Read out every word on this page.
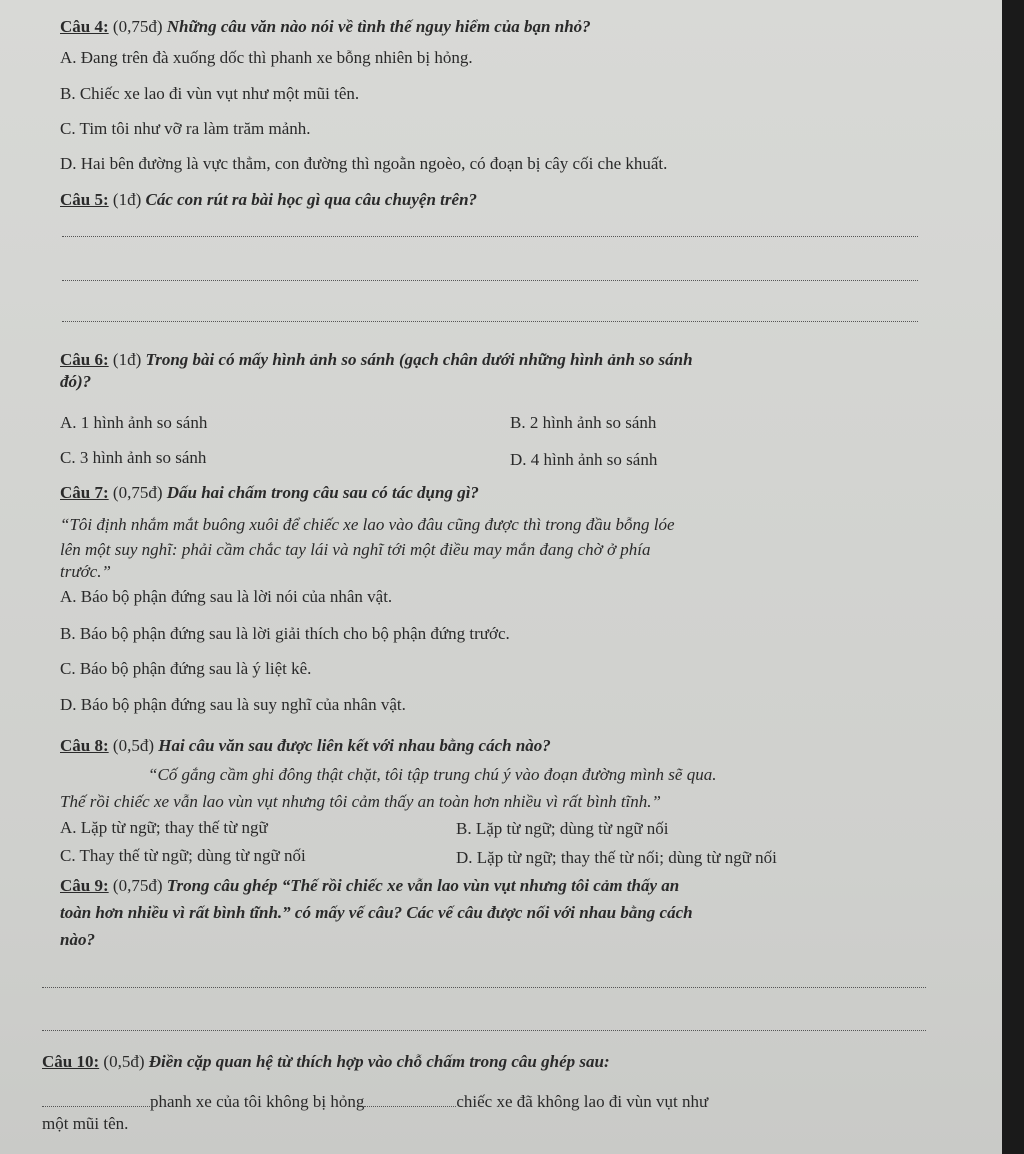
Câu 4: (0,75đ) Những câu văn nào nói về tình thế nguy hiểm của bạn nhỏ?
A. Đang trên đà xuống dốc thì phanh xe bỗng nhiên bị hỏng.
B. Chiếc xe lao đi vùn vụt như một mũi tên.
C. Tim tôi như vỡ ra làm trăm mảnh.
D. Hai bên đường là vực thẳm, con đường thì ngoằn ngoèo, có đoạn bị cây cối che khuất.
Câu 5: (1đ) Các con rút ra bài học gì qua câu chuyện trên?
Câu 6: (1đ) Trong bài có mấy hình ảnh so sánh (gạch chân dưới những hình ảnh so sánh
đó)?
A. 1 hình ảnh so sánh	B. 2 hình ảnh so sánh
C. 3 hình ảnh so sánh	D. 4 hình ảnh so sánh
Câu 7: (0,75đ) Dấu hai chấm trong câu sau có tác dụng gì?
“Tôi định nhắm mắt buông xuôi để chiếc xe lao vào đâu cũng được thì trong đầu bỗng lóe
lên một suy nghĩ: phải cầm chắc tay lái và nghĩ tới một điều may mắn đang chờ ở phía
trước.”
A. Báo bộ phận đứng sau là lời nói của nhân vật.
B. Báo bộ phận đứng sau là lời giải thích cho bộ phận đứng trước.
C. Báo bộ phận đứng sau là ý liệt kê.
D. Báo bộ phận đứng sau là suy nghĩ của nhân vật.
Câu 8: (0,5đ) Hai câu văn sau được liên kết với nhau bằng cách nào?
“Cố gắng cầm ghi đông thật chặt, tôi tập trung chú ý vào đoạn đường mình sẽ qua.
Thế rồi chiếc xe vẫn lao vùn vụt nhưng tôi cảm thấy an toàn hơn nhiều vì rất bình tĩnh.”
A. Lặp từ ngữ; thay thế từ ngữ	B. Lặp từ ngữ; dùng từ ngữ nối
C. Thay thế từ ngữ; dùng từ ngữ nối	D. Lặp từ ngữ; thay thế từ nối; dùng từ ngữ nối
Câu 9: (0,75đ) Trong câu ghép “Thế rồi chiếc xe vẫn lao vùn vụt nhưng tôi cảm thấy an
toàn hơn nhiều vì rất bình tĩnh.” có mấy vế câu? Các vế câu được nối với nhau bằng cách
nào?
Câu 10: (0,5đ) Điền cặp quan hệ từ thích hợp vào chỗ chấm trong câu ghép sau:
phanh xe của tôi không bị hỏng	chiếc xe đã không lao đi vùn vụt như
một mũi tên.
